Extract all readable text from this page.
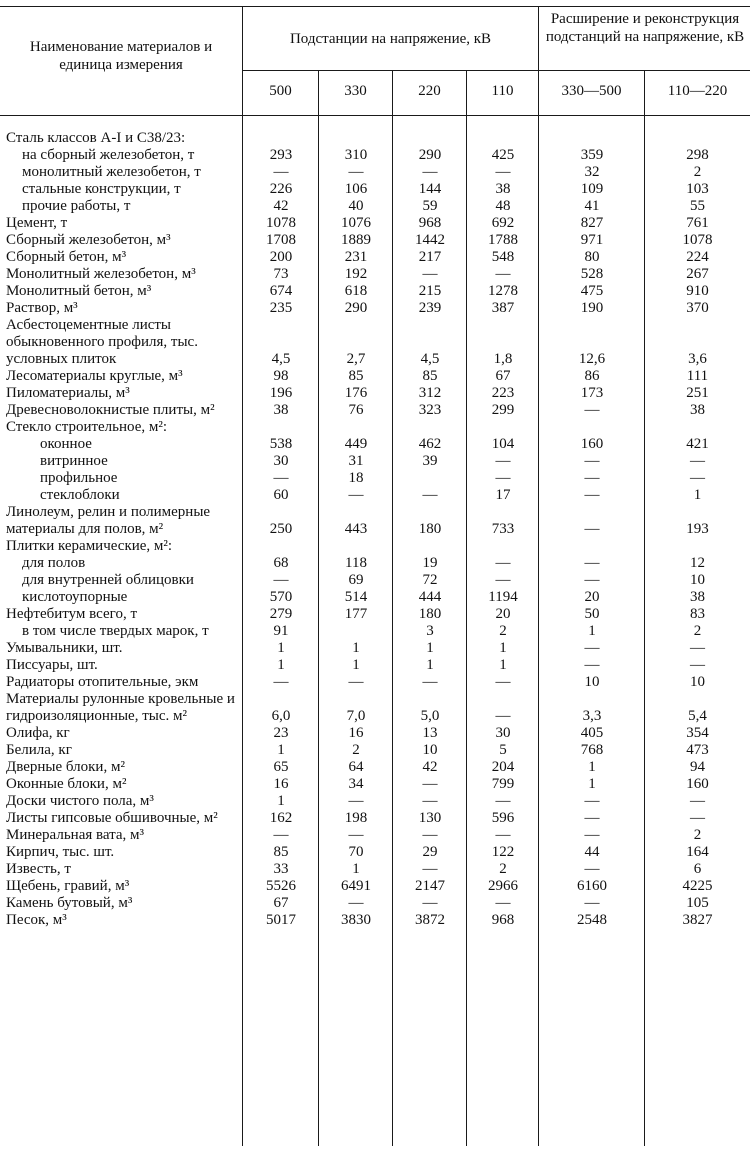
Наименование материалов и единица измерения
Подстанции на напряжение, кВ
Расширение и реконструкция подстанций на напряжение, кВ
500	330	220	110	330—500	110—220
Сталь классов А-I и С38/23:						
на сборный железобетон, т	293	310	290	425	359	298
монолитный железобетон, т	—	—	—	—	32	2
стальные конструкции, т	226	106	144	38	109	103
прочие работы, т	42	40	59	48	41	55
Цемент, т	1078	1076	968	692	827	761
Сборный железобетон, м³	1708	1889	1442	1788	971	1078
Сборный бетон, м³	200	231	217	548	80	224
Монолитный железобетон, м³	73	192	—	—	528	267
Монолитный бетон, м³	674	618	215	1278	475	910
Раствор, м³	235	290	239	387	190	370
Асбестоцементные листы обыкновенного профиля, тыс. условных плиток	4,5	2,7	4,5	1,8	12,6	3,6
Лесоматериалы круглые, м³	98	85	85	67	86	111
Пиломатериалы, м³	196	176	312	223	173	251
Древесноволокнистые плиты, м²	38	76	323	299	—	38
Стекло строительное, м²:						
оконное	538	449	462	104	160	421
витринное	30	31	39	—	—	—
профильное	—	18		—	—	—
стеклоблоки	60	—	—	17	—	1
Линолеум, релин и полимерные материалы для полов, м²	250	443	180	733	—	193
Плитки керамические, м²:						
для полов	68	118	19	—	—	12
для внутренней облицовки	—	69	72	—	—	10
кислотоупорные	570	514	444	1194	20	38
Нефтебитум всего, т	279	177	180	20	50	83
в том числе твердых марок, т	91		3	2	1	2
Умывальники, шт.	1	1	1	1	—	—
Писсуары, шт.	1	1	1	1	—	—
Радиаторы отопительные, экм	—	—	—	—	10	10
Материалы рулонные кровельные и гидроизоляционные, тыс. м²	6,0	7,0	5,0	—	3,3	5,4
Олифа, кг	23	16	13	30	405	354
Белила, кг	1	2	10	5	768	473
Дверные блоки, м²	65	64	42	204	1	94
Оконные блоки, м²	16	34	—	799	1	160
Доски чистого пола, м³	1	—	—	—	—	—
Листы гипсовые обшивочные, м²	162	198	130	596	—	—
Минеральная вата, м³	—	—	—	—	—	2
Кирпич, тыс. шт.	85	70	29	122	44	164
Известь, т	33	1	—	2	—	6
Щебень, гравий, м³	5526	6491	2147	2966	6160	4225
Камень бутовый, м³	67	—	—	—	—	105
Песок, м³	5017	3830	3872	968	2548	3827
